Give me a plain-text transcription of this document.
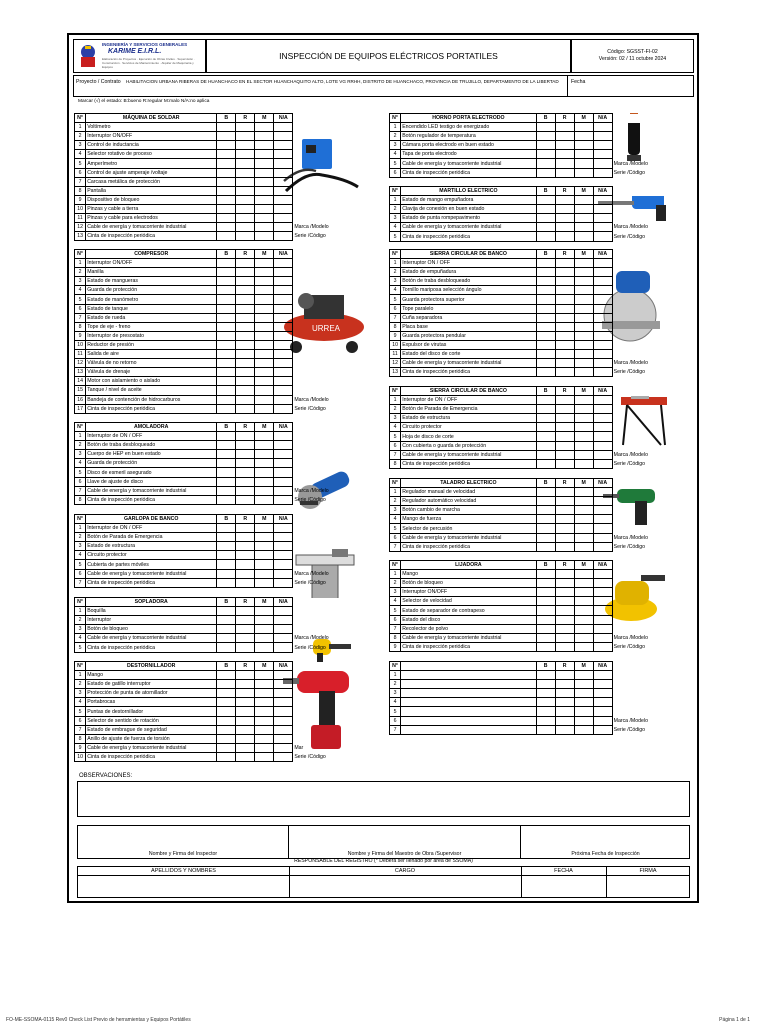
INGENIERÍA Y SERVICIOS GENERALES
KARIME E.I.R.L.
Elaboración de Proyectos · Ejecución de Obras Civiles · Supervisión · Construcción · Servicios de Mantenimiento · Alquiler de Maquinaria y Equipos
INSPECCIÓN DE EQUIPOS ELÉCTRICOS PORTATILES	Código: SGSST-FI-02
Versión: 02 / 11 octubre 2024
Proyecto / Contrato HABILITACION URBANA RIBERAS DE HUANCHACO EN EL SECTOR HUANCHAQUITO ALTO, LOTE VG RRHH, DISTRITO DE HUANCHACO, PROVINCIA DE TRUJILLO, DEPARTAMENTO DE LA LIBERTAD Fecha
Marcar (√) el estado: B:bueno R:regular M:malo N/A:no aplica
URREA
OBSERVACIONES:
Nombre y Firma del Inspector	Nombre y Firma del Maestro de Obra /Supervisor	Próxima Fecha de Inspección
RESPONSABLE DEL REGISTRO (* Deberá ser llenado por área de SSOMA)
APELLIDOS Y NOMBRES	CARGO	FECHA	FIRMA
N°	MÁQUINA DE SOLDAR	B	R	M	N/A	
1	Voltímetro					
2	Interruptor ON/OFF					
3	Control de inductancia					
4	Selector rotativo de proceso					
5	Amperímetro					
6	Control de ajuste amperaje /voltaje					
7	Carcasa metálica de protección					
8	Pantalla					
9	Dispositivo de bloqueo					
10	Pinzas y cable a tierra					
11	Pinzas y cable para electrodos					
12	Cable de energía y tomacorriente industrial					Marca /Modelo
13	Cinta de inspección periódica					Serie /Código
N°	COMPRESOR	B	R	M	N/A	
1	Interruptor ON/OFF					
2	Manilla					
3	Estado de mangueras					
4	Guarda de protección					
5	Estado de manómetro					
6	Estado de tanque					
7	Estado de rueda					
8	Tope de eje - freno					
9	Interruptor de presostato					
10	Reductor de presión					
11	Salida de aire					
12	Válvula de no retorno					
13	Válvula de drenaje					
14	Motor con aislamiento o aislado					
15	Tanque / nivel de aceite					
16	Bandeja de contención de hidrocarburos					Marca /Modelo
17	Cinta de inspección periódica					Serie /Código
N°	AMOLADORA	B	R	M	N/A	
1	Interruptor de ON / OFF					
2	Botón de traba desbloqueado					
3	Cuerpo de HEP en buen estado					
4	Guarda de protección					
5	Disco de esmeril asegurado					
6	Llave de ajuste de disco					
7	Cable de energía y tomacorriente industrial					Marca /Modelo
8	Cinta de inspección periódica					Serie /Código
N°	GARLOPA DE BANCO	B	R	M	N/A	
1	Interruptor de ON / OFF					
2	Botón de Parada de Emergencia					
3	Estado de estructura					
4	Circuito protector					
5	Cubierta de partes móviles					
6	Cable de energía y tomacorriente industrial					Marca /Modelo
7	Cinta de inspección periódica					Serie /Código
N°	SOPLADORA	B	R	M	N/A	
1	Boquilla					
2	Interruptor					
3	Botón de bloqueo					
4	Cable de energía y tomacorriente industrial					Marca /Modelo
5	Cinta de inspección periódica					Serie /Código
N°	DESTORNILLADOR	B	R	M	N/A	
1	Mango					
2	Estado de gatillo interruptor					
3	Protección de punta de atornillador					
4	Portabrocas					
5	Puntas de destornillador					
6	Selector de sentido de rotación					
7	Estado de embrague de seguridad					
8	Anillo de ajuste de fuerza de torsión					
9	Cable de energía y tomacorriente industrial					Mar
10	Cinta de inspección periódica					Serie /Código
N°	HORNO PORTA ELECTRODO	B	R	M	N/A	
1	Encendido LED testigo de energizado					
2	Botón regulador de temperatura					
3	Cámara porta electrodo en buen estado					
4	Tapa de porta electrodo					
5	Cable de energía y tomacorriente industrial					Marca /Modelo
6	Cinta de inspección periódica					Serie /Código
N°	MARTILLO ELECTRICO	B	R	M	N/A	
1	Estado de mango empuñadora					
2	Clavija de conexión en buen estado					
3	Estado de punta rompepavimento					
4	Cable de energía y tomacorriente industrial					Marca /Modelo
5	Cinta de inspección periódica					Serie /Código
N°	SIERRA CIRCULAR DE BANCO	B	R	M	N/A	
1	Interruptor ON / OFF					
2	Estado de empuñadura					
3	Botón de traba desbloqueado					
4	Tornillo mariposa selección ángulo					
5	Guarda protectora superior					
6	Tope paralelo					
7	Cuña separadora					
8	Placa base					
9	Guarda protectora pendular					
10	Expulsor de virutas					
11	Estado del disco de corte					
12	Cable de energía y tomacorriente industrial					Marca /Modelo
13	Cinta de inspección periódica					Serie /Código
N°	SIERRA CIRCULAR DE BANCO	B	R	M	N/A	
1	Interruptor de ON / OFF					
2	Botón de Parada de Emergencia					
3	Estado de estructura					
4	Circuito protector					
5	Hoja de disco de corte					
6	Con cubierta o guarda de protección					
7	Cable de energía y tomacorriente industrial					Marca /Modelo
8	Cinta de inspección periódica					Serie /Código
N°	TALADRO ELECTRICO	B	R	M	N/A	
1	Regulador manual de velocidad					
2	Regulador automático velocidad					
3	Botón cambio de marcha					
4	Mango de fuerza					
5	Selector de percusión					
6	Cable de energía y tomacorriente industrial					Marca /Modelo
7	Cinta de inspección periódica					Serie /Código
N°	LIJADORA	B	R	M	N/A	
1	Mango					
2	Botón de bloqueo					
3	Interruptor ON/OFF					
4	Selector de velocidad					
5	Estado de separador de contrapeso					
6	Estado del disco					
7	Recolector de polvo					
8	Cable de energía y tomacorriente industrial					Marca /Modelo
9	Cinta de inspección periódica					Serie /Código
N°		B	R	M	N/A	
1						
2						
3						
4						
5						
6						Marca /Modelo
7						Serie /Código
FO-ME-SSOMA-0115 Rev0 Check List Previo de herramientas y Equipos Portátiles	Página 1 de 1
